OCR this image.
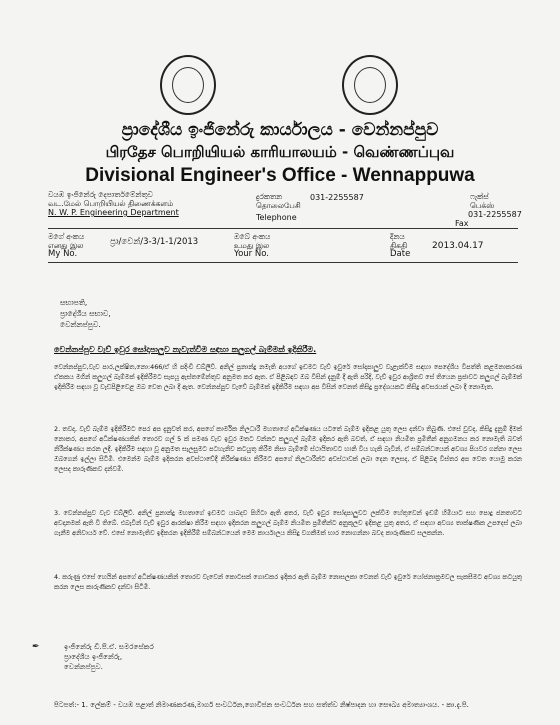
ප්‍රාදේශීය ඉංජිනේරු කාර්යාලය - වෙන්නප්පුව
பிரதேச பொறியியல் காரியாலயம் - வெண்ணப்புவ
Divisional Engineer's Office - Wennappuwa
වයඹ ඉංජිනේරු දෙපාර්තමේන්තුව
வட.மேல் பொறியியல் திணைக்களம்
N. W. P. Engineering Department
දුරකතන
தொலைபேசி
031-2255587
Telephone
ෆැක්ස්
பெக்ஸ்
031-2255587
Fax
මගේ අංකය
எனது இல
My No.
ප්‍රා/වෙන්/3-3/1-1/2013
ඔබේ අංකය
உமது இல
Your No.
දිනය
திகதி
Date
2013.04.17
සභාපති,
ප්‍රාදේශීය සභාව,
වෙන්නප්පුව.
වෙන්නප්පුව වැව් ඉවුර සෝදාපාලුව නැවැත්වීම සඳහා කලුගල් බැම්මක් ඉදිකිරීම.
වෙන්නප්පුව,වැව පාර,ලක්ෂිත,නො:466/ඒ හි පදිංචි ඩබ්ලිව්. අනිල් ප්‍රනාන්දු නමැති අයගේ ඉඩමට වැව් ඉවුරේ සෝදාපාලුව වැළැක්වීම සඳහා පෙදේශීය විපත්ති කළමනාකරණ ඒකකය මගින් කලුගල් බැම්මක් ඉදිකිරීමට සැපයූ ඇස්තමේන්තුව අනුමත කර ඇත. ඒ පිළිබඳව ඔබ විසින් දැනුම් දී ඇති පරිදි, වැව් ඉවුර ආශ්‍රිතව සේ තියෙන ප්‍රජාවට කලුගල් බැම්මක් ඉදිකිරීම සඳහා වූ වැඩපිළිවෙළ ඔබ වෙත ලබා දී ඇත. වෙන්නප්පුව වැවේ බැම්මක් ඉදිකිරීම සඳහා අප විසින් වෙනත් කිසිදු ප්‍රදේශයකට කිසිදු අවසරයක් ලබා දී නොමැත.
2. තවද, වැව් බැම්ම ඉදිකිරීමට පෙර අප දැනුවත් කර, අපගේ කාර්මික නිලධාරී මහතාගේ අධීක්ෂණය යටතේ බැම්ම ඉදිකළ යුතු ලෙස දන්වා තිබුණි. එසේ වුවද, කිසිදු දැනුම් දීමක් නොකර, අපගේ අධීක්ෂණයකින් තොරව ගල් 5 ක් පමණ වැව ඉවුර මතට වන්නට කලුගල් බැම්ම ඉදිකර ඇති බවත්, ඒ සඳහා නියමිත ප්‍රමිතීන් අනුගමනය කර නොමැති බවත් නිරීක්ෂණය කරන ලදී. ඉදිකිරීම සඳහා වූ අනුමත සැලසුමට පටහැනිව කටයුතු කිරීම නිසා බැම්මේ ස්ථායිතාවට හානි විය හැකි බැවින්, ඒ සම්බන්ධයෙන් අවශ්‍ය පියවර ගන්නා ලෙස ඔබගෙන් ඉල්ලා සිටිමි. එමෙන්ම බැම්ම ඉදිකරන අවස්ථාවේදී නිරීක්ෂණය කිරීමට අපගේ නිලධාරීන්ට අවස්ථාවක් ලබා දෙන ලෙසද, ඒ පිළිබඳ විස්තර අප වෙත යොමු කරන ලෙසද කාරුණිකව දන්වමි.
3. වෙන්නප්පුව වැව ඩබ්ලිව්. අනිල් ප්‍රනාන්දු මහතාගේ ඉඩමට යාබදව පිහිටා ඇති අතර, වැව් ඉවුර සෝදාපාලුවට ලක්වීම හේතුවෙන් ඉඩම් හිමියාට සහ පොදු ජනතාවට අවදානමක් ඇති වී තිබේ. එබැවින් වැව් ඉවුර ආරක්ෂා කිරීම සඳහා ඉදිකරන කලුගල් බැම්ම නියමිත ප්‍රමිතීන්ට අනුකූලව ඉදිකළ යුතු අතර, ඒ සඳහා අවශ්‍ය තාක්ෂණික උපදෙස් ලබා ගැනීම අනිවාර්ය වේ. එසේ නොමැතිව ඉදිකරන ඉදිකිරීම් සම්බන්ධයෙන් මෙම කාර්යාලය කිසිදු වගකීමක් භාර නොගන්නා බවද කාරුණිකව සලකන්න.
4. කරුණු එසේ හෙයින් අපගේ අධීක්ෂණයකින් තොරව වැවෙන් කොටසක් ගොඩකර ඉදිකර ඇති බැම්ම නොසලකා වෙනත් වැව් ඉවුරේ යෝජනාක්‍රමවල සැකසීමට අවශ්‍ය කටයුතු කරන ලෙස කාරුණිකව දන්වා සිටිමි.
✒	ඉංජිනේරු ඩී.පී.ඒ. සමරසේකර
ප්‍රාදේශීය ඉංජිනේරු,
වෙන්නප්පුව.
පිටපත්:- 1. ලේකම් - වයඹ පළාත් නිමාණකරණ,මාර්ග සංවර්ධන,ගොවිජන සංවර්ධන සහ සත්ත්ව නිෂ්පාදන හා සෞඛ්‍ය අමාත්‍යාංශය. - කා.දැ.පි.
